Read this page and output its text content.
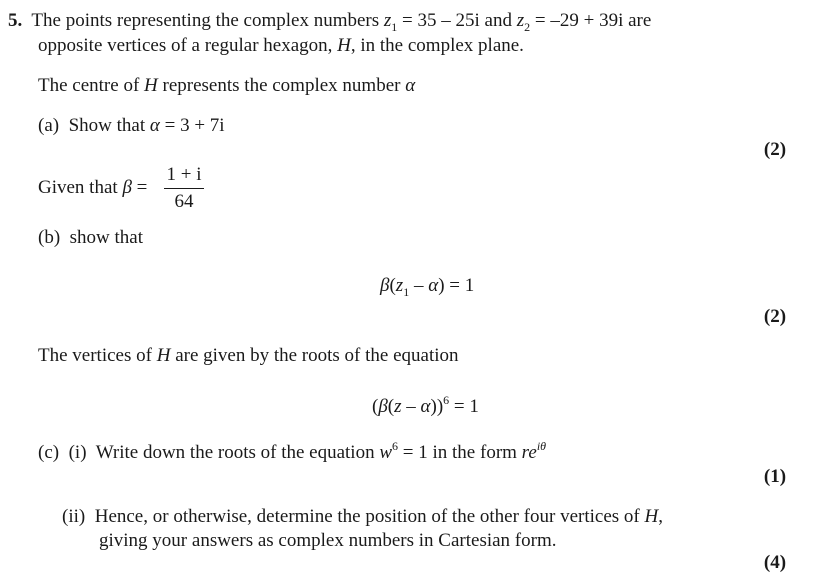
5. The points representing the complex numbers $z_1 = 35 - 25i$ and $z_2 = -29 + 39i$ are
opposite vertices of a regular hexagon, H, in the complex plane.
The centre of H represents the complex number α
(a) Show that α = 3 + 7i
(2)
Given that β =
1 + i
64
(b) show that
$\beta(z_1 - \alpha) = 1$
(2)
The vertices of H are given by the roots of the equation
(β(z – α))$^6$ = 1
(c) (i) Write down the roots of the equation $w^6 = 1$ in the form $re^{i\theta}$
(1)
(ii) Hence, or otherwise, determine the position of the other four vertices of H,
giving your answers as complex numbers in Cartesian form.
(4)
